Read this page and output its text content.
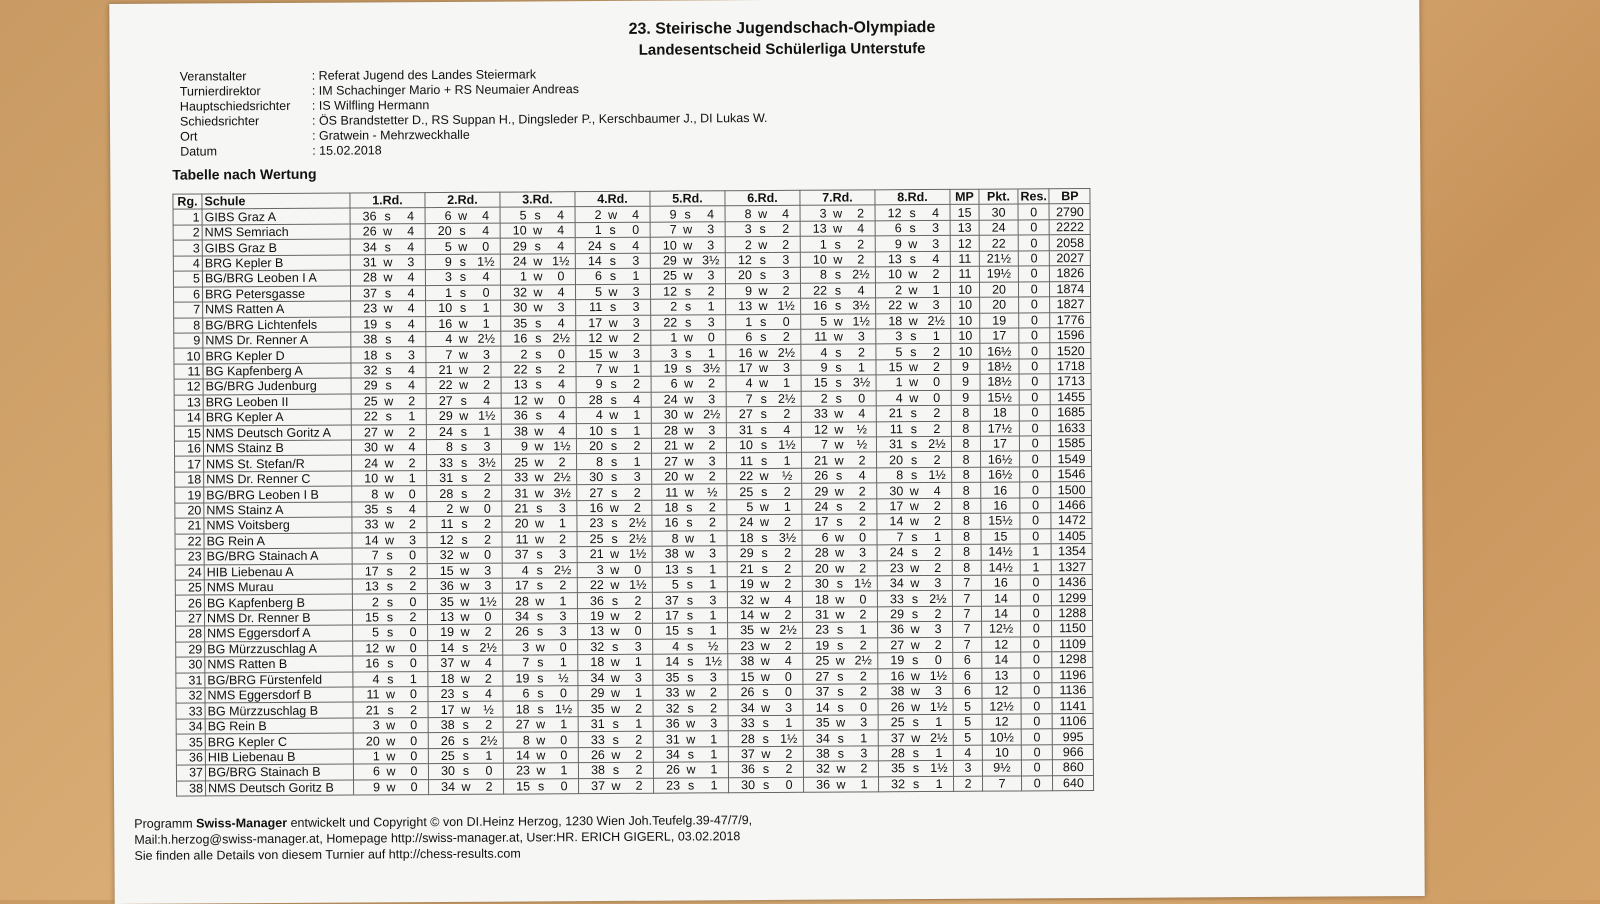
23. Steirische Jugendschach-Olympiade
Landesentscheid Schülerliga Unterstufe
Veranstalter	: Referat Jugend des Landes Steiermark
Turnierdirektor	: IM Schachinger Mario + RS Neumaier Andreas
Hauptschiedsrichter	: IS Wilfling Hermann
Schiedsrichter	: ÖS Brandstetter D., RS Suppan H., Dingsleder P., Kerschbaumer J., DI Lukas W.
Ort	: Gratwein - Mehrzweckhalle
Datum	: 15.02.2018
Tabelle nach Wertung
Rg.	Schule	1.Rd.			2.Rd.			3.Rd.			4.Rd.			5.Rd.			6.Rd.			7.Rd.			8.Rd.			MP	Pkt.	Res.	BP
1	GIBS Graz A	36	s	4	6	w	4	5	s	4	2	w	4	9	s	4	8	w	4	3	w	2	12	s	4	15	30	0	2790
2	NMS Semriach	26	w	4	20	s	4	10	w	4	1	s	0	7	w	3	3	s	2	13	w	4	6	s	3	13	24	0	2222
3	GIBS Graz B	34	s	4	5	w	0	29	s	4	24	s	4	10	w	3	2	w	2	1	s	2	9	w	3	12	22	0	2058
4	BRG Kepler B	31	w	3	9	s	1½	24	w	1½	14	s	3	29	w	3½	12	s	3	10	w	2	13	s	4	11	21½	0	2027
5	BG/BRG Leoben I A	28	w	4	3	s	4	1	w	0	6	s	1	25	w	3	20	s	3	8	s	2½	10	w	2	11	19½	0	1826
6	BRG Petersgasse	37	s	4	1	s	0	32	w	4	5	w	3	12	s	2	9	w	2	22	s	4	2	w	1	10	20	0	1874
7	NMS Ratten A	23	w	4	10	s	1	30	w	3	11	s	3	2	s	1	13	w	1½	16	s	3½	22	w	3	10	20	0	1827
8	BG/BRG Lichtenfels	19	s	4	16	w	1	35	s	4	17	w	3	22	s	3	1	s	0	5	w	1½	18	w	2½	10	19	0	1776
9	NMS Dr. Renner A	38	s	4	4	w	2½	16	s	2½	12	w	2	1	w	0	6	s	2	11	w	3	3	s	1	10	17	0	1596
10	BRG Kepler D	18	s	3	7	w	3	2	s	0	15	w	3	3	s	1	16	w	2½	4	s	2	5	s	2	10	16½	0	1520
11	BG Kapfenberg A	32	s	4	21	w	2	22	s	2	7	w	1	19	s	3½	17	w	3	9	s	1	15	w	2	9	18½	0	1718
12	BG/BRG Judenburg	29	s	4	22	w	2	13	s	4	9	s	2	6	w	2	4	w	1	15	s	3½	1	w	0	9	18½	0	1713
13	BRG Leoben II	25	w	2	27	s	4	12	w	0	28	s	4	24	w	3	7	s	2½	2	s	0	4	w	0	9	15½	0	1455
14	BRG Kepler A	22	s	1	29	w	1½	36	s	4	4	w	1	30	w	2½	27	s	2	33	w	4	21	s	2	8	18	0	1685
15	NMS Deutsch Goritz A	27	w	2	24	s	1	38	w	4	10	s	1	28	w	3	31	s	4	12	w	½	11	s	2	8	17½	0	1633
16	NMS Stainz B	30	w	4	8	s	3	9	w	1½	20	s	2	21	w	2	10	s	1½	7	w	½	31	s	2½	8	17	0	1585
17	NMS St. Stefan/R	24	w	2	33	s	3½	25	w	2	8	s	1	27	w	3	11	s	1	21	w	2	20	s	2	8	16½	0	1549
18	NMS Dr. Renner C	10	w	1	31	s	2	33	w	2½	30	s	3	20	w	2	22	w	½	26	s	4	8	s	1½	8	16½	0	1546
19	BG/BRG Leoben I B	8	w	0	28	s	2	31	w	3½	27	s	2	11	w	½	25	s	2	29	w	2	30	w	4	8	16	0	1500
20	NMS Stainz A	35	s	4	2	w	0	21	s	3	16	w	2	18	s	2	5	w	1	24	s	2	17	w	2	8	16	0	1466
21	NMS Voitsberg	33	w	2	11	s	2	20	w	1	23	s	2½	16	s	2	24	w	2	17	s	2	14	w	2	8	15½	0	1472
22	BG Rein A	14	w	3	12	s	2	11	w	2	25	s	2½	8	w	1	18	s	3½	6	w	0	7	s	1	8	15	0	1405
23	BG/BRG Stainach A	7	s	0	32	w	0	37	s	3	21	w	1½	38	w	3	29	s	2	28	w	3	24	s	2	8	14½	1	1354
24	HIB Liebenau A	17	s	2	15	w	3	4	s	2½	3	w	0	13	s	1	21	s	2	20	w	2	23	w	2	8	14½	1	1327
25	NMS Murau	13	s	2	36	w	3	17	s	2	22	w	1½	5	s	1	19	w	2	30	s	1½	34	w	3	7	16	0	1436
26	BG Kapfenberg B	2	s	0	35	w	1½	28	w	1	36	s	2	37	s	3	32	w	4	18	w	0	33	s	2½	7	14	0	1299
27	NMS Dr. Renner B	15	s	2	13	w	0	34	s	3	19	w	2	17	s	1	14	w	2	31	w	2	29	s	2	7	14	0	1288
28	NMS Eggersdorf A	5	s	0	19	w	2	26	s	3	13	w	0	15	s	1	35	w	2½	23	s	1	36	w	3	7	12½	0	1150
29	BG Mürzzuschlag A	12	w	0	14	s	2½	3	w	0	32	s	3	4	s	½	23	w	2	19	s	2	27	w	2	7	12	0	1109
30	NMS Ratten B	16	s	0	37	w	4	7	s	1	18	w	1	14	s	1½	38	w	4	25	w	2½	19	s	0	6	14	0	1298
31	BG/BRG Fürstenfeld	4	s	1	18	w	2	19	s	½	34	w	3	35	s	3	15	w	0	27	s	2	16	w	1½	6	13	0	1196
32	NMS Eggersdorf B	11	w	0	23	s	4	6	s	0	29	w	1	33	w	2	26	s	0	37	s	2	38	w	3	6	12	0	1136
33	BG Mürzzuschlag B	21	s	2	17	w	½	18	s	1½	35	w	2	32	s	2	34	w	3	14	s	0	26	w	1½	5	12½	0	1141
34	BG Rein B	3	w	0	38	s	2	27	w	1	31	s	1	36	w	3	33	s	1	35	w	3	25	s	1	5	12	0	1106
35	BRG Kepler C	20	w	0	26	s	2½	8	w	0	33	s	2	31	w	1	28	s	1½	34	s	1	37	w	2½	5	10½	0	995
36	HIB Liebenau B	1	w	0	25	s	1	14	w	0	26	w	2	34	s	1	37	w	2	38	s	3	28	s	1	4	10	0	966
37	BG/BRG Stainach B	6	w	0	30	s	0	23	w	1	38	s	2	26	w	1	36	s	2	32	w	2	35	s	1½	3	9½	0	860
38	NMS Deutsch Goritz B	9	w	0	34	w	2	15	s	0	37	w	2	23	s	1	30	s	0	36	w	1	32	s	1	2	7	0	640
Programm Swiss-Manager entwickelt und Copyright © von DI.Heinz Herzog, 1230 Wien Joh.Teufelg.39-47/7/9,
Mail:h.herzog@swiss-manager.at, Homepage http://swiss-manager.at, User:HR. ERICH GIGERL, 03.02.2018
Sie finden alle Details von diesem Turnier auf http://chess-results.com
